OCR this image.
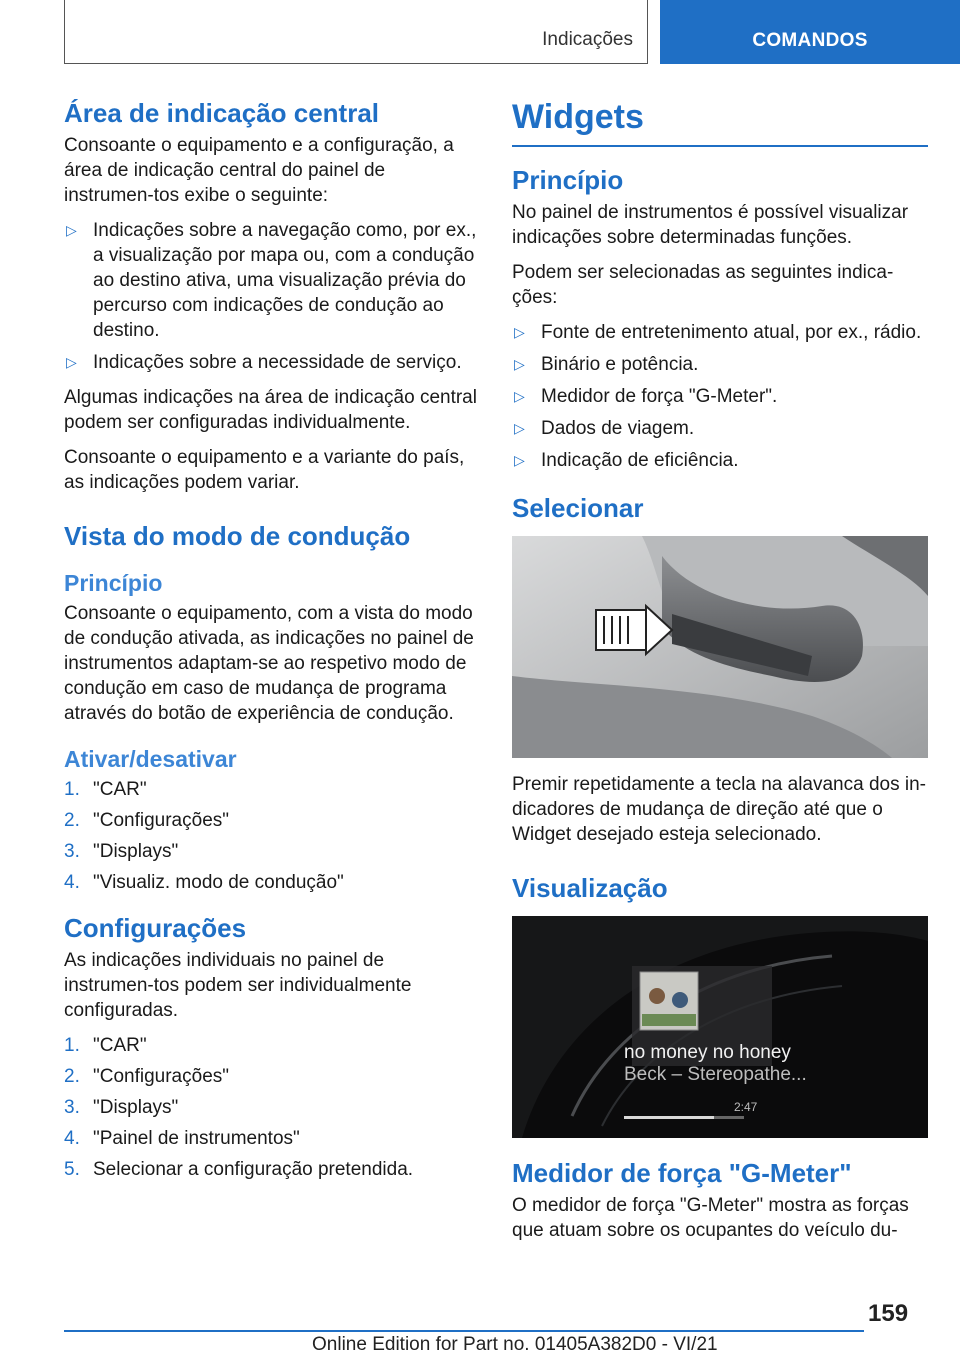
Indicações	COMANDOS
Área de indicação central

Consoante o equipamento e a configuração, a área de indicação central do painel de instrumen-tos exibe o seguinte:

▷ Indicações sobre a navegação como, por ex., a visualização por mapa ou, com a condução ao destino ativa, uma visualização prévia do percurso com indicações de condução ao destino.
▷ Indicações sobre a necessidade de serviço.

Algumas indicações na área de indicação central podem ser configuradas individualmente.

Consoante o equipamento e a variante do país, as indicações podem variar.

Vista do modo de condução
Princípio

Consoante o equipamento, com a vista do modo de condução ativada, as indicações no painel de instrumentos adaptam-se ao respetivo modo de condução em caso de mudança de programa através do botão de experiência de condução.

Ativar/desativar
1. "CAR"
2. "Configurações"
3. "Displays"
4. "Visualiz. modo de condução"
Configurações

As indicações individuais no painel de instrumen-tos podem ser individualmente configuradas.

1. "CAR"
2. "Configurações"
3. "Displays"
4. "Painel de instrumentos"
5. Selecionar a configuração pretendida.
Widgets
Princípio

No painel de instrumentos é possível visualizar indicações sobre determinadas funções.

Podem ser selecionadas as seguintes indica-ções:

▷ Fonte de entretenimento atual, por ex., rádio.
▷ Binário e potência.
▷ Medidor de força "G-Meter".
▷ Dados de viagem.
▷ Indicação de eficiência.
Selecionar

Premir repetidamente a tecla na alavanca dos in-dicadores de mudança de direção até que o Widget desejado esteja selecionado.

Visualização
no money no honey
Beck – Stereopathe...
2:47
Medidor de força "G-Meter"

O medidor de força "G-Meter" mostra as forças que atuam sobre os ocupantes do veículo du-

159
Online Edition for Part no. 01405A382D0 - VI/21
